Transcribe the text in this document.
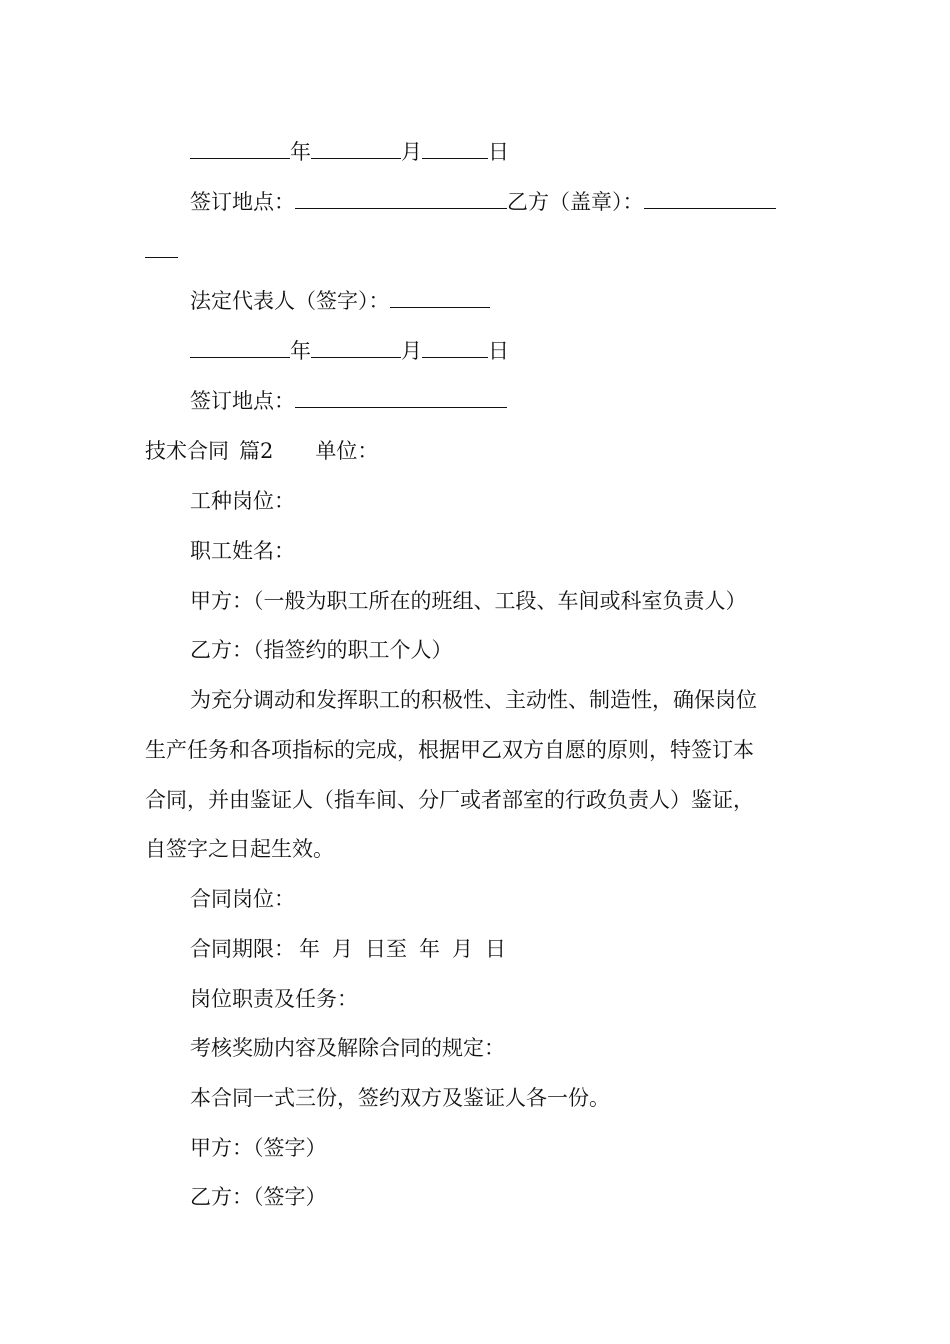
年	月	日
签订地点：	乙方（盖章）：
法定代表人（签字）：
年	月	日
签订地点：
技术合同 篇2 单位：
工种岗位：
职工姓名：
甲方：（一般为职工所在的班组、工段、车间或科室负责人）
乙方：（指签约的职工个人）
为充分调动和发挥职工的积极性、主动性、制造性，确保岗位
生产任务和各项指标的完成，根据甲乙双方自愿的原则，特签订本
合同，并由鉴证人（指车间、分厂或者部室的行政负责人）鉴证，
自签字之日起生效。
合同岗位：
合同期限： 年 月 日至 年 月 日
岗位职责及任务：
考核奖励内容及解除合同的规定：
本合同一式三份，签约双方及鉴证人各一份。
甲方：（签字）
乙方：（签字）
